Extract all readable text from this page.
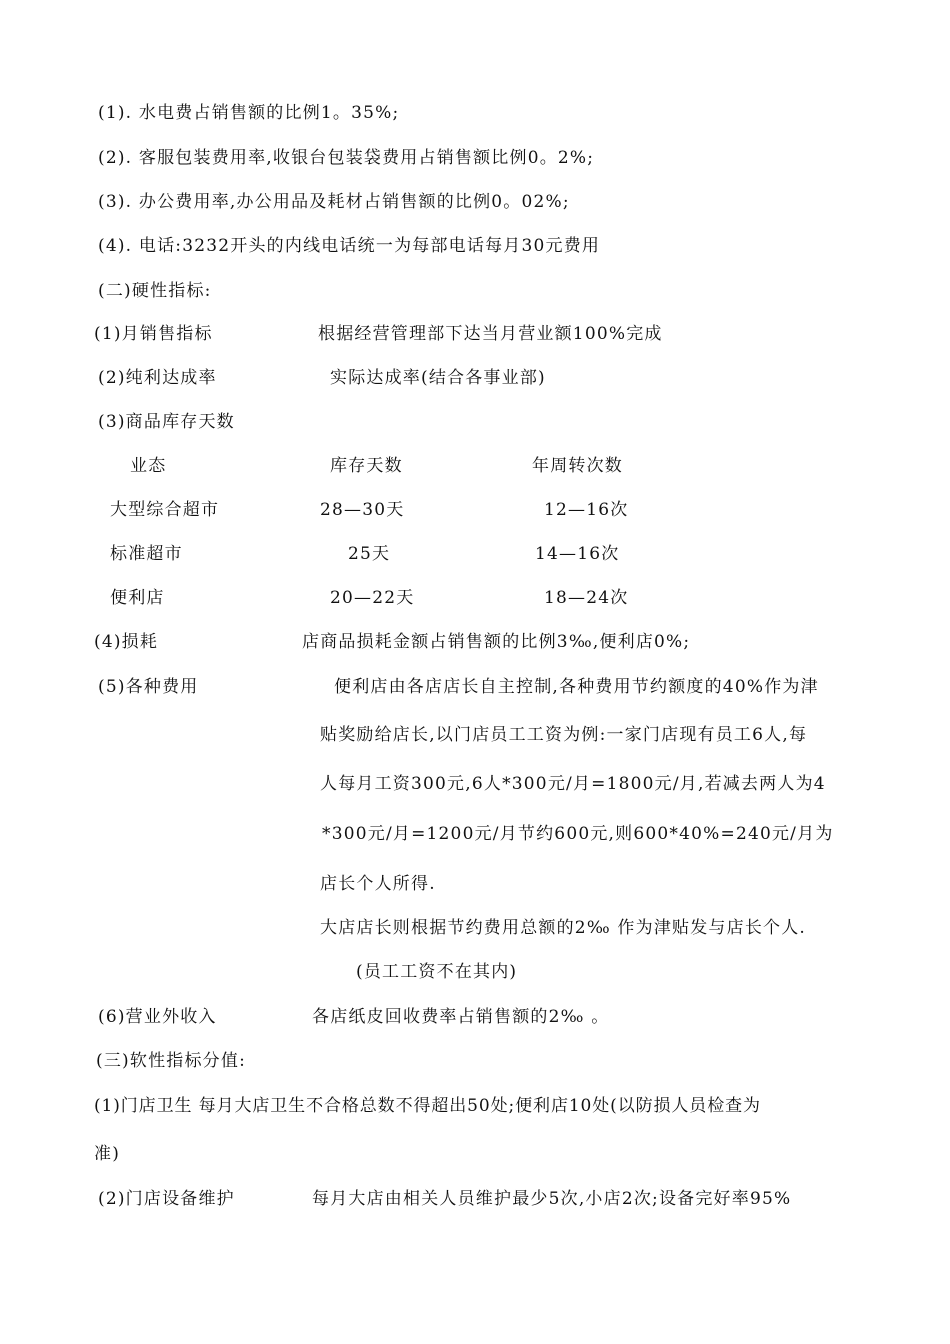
(1). 水电费占销售额的比例1。35%;
(2). 客服包装费用率,收银台包装袋费用占销售额比例0。2%;
(3). 办公费用率,办公用品及耗材占销售额的比例0。02%;
(4). 电话:3232开头的内线电话统一为每部电话每月30元费用
(二)硬性指标:
(1)月销售指标	根据经营管理部下达当月营业额100%完成
(2)纯利达成率	实际达成率(结合各事业部)
(3)商品库存天数
业态	库存天数	年周转次数
大型综合超市	28—30天	12—16次
标准超市	25天	14—16次
便利店	20—22天	18—24次
(4)损耗	店商品损耗金额占销售额的比例3‰,便利店0%;
(5)各种费用	便利店由各店店长自主控制,各种费用节约额度的40%作为津
贴奖励给店长,以门店员工工资为例:一家门店现有员工6人,每
人每月工资300元,6人*300元/月=1800元/月,若减去两人为4
*300元/月=1200元/月节约600元,则600*40%=240元/月为
店长个人所得.
大店店长则根据节约费用总额的2‰ 作为津贴发与店长个人.
(员工工资不在其内)
(6)营业外收入	各店纸皮回收费率占销售额的2‰ 。
(三)软性指标分值:
(1)门店卫生 每月大店卫生不合格总数不得超出50处;便利店10处(以防损人员检查为
准)
(2)门店设备维护	每月大店由相关人员维护最少5次,小店2次;设备完好率95%
